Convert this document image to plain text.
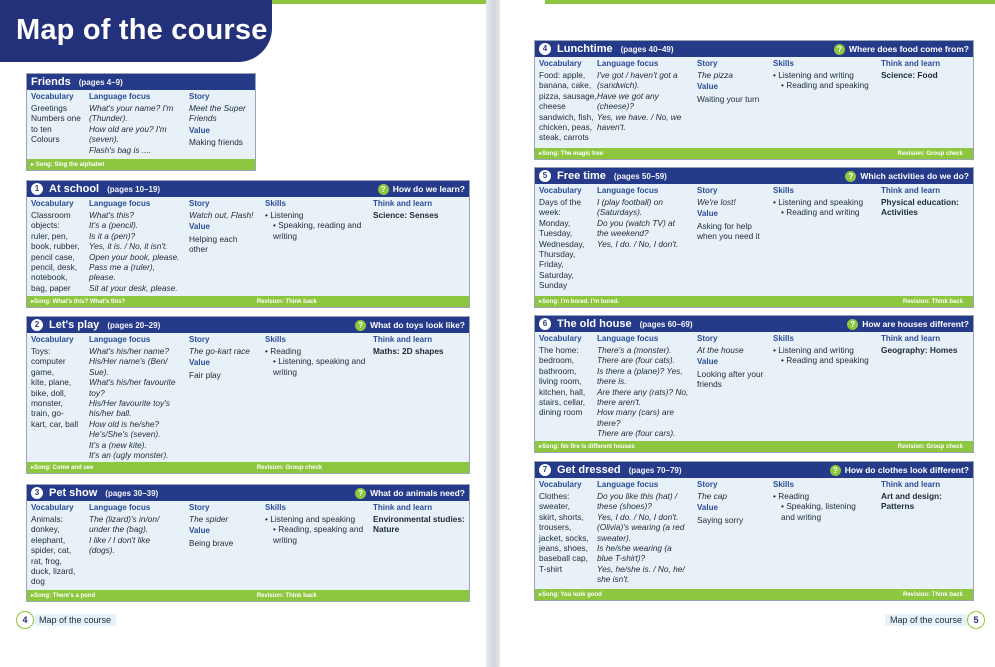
Map of the course
Friends (pages 4–9)
Vocabulary
Greetings
Numbers one
to ten
Colours
Language focus
What's your name? I'm
(Thunder).
How old are you? I'm
(seven).
Flash's bag is ....
Story
Meet the Super
Friends
Value
Making friends
▸ Song: Sing the alphabet
1 At school (pages 10–19)	? How do we learn?
Vocabulary
Classroom
objects:
ruler, pen,
book, rubber,
pencil case,
pencil, desk,
notebook,
bag, paper
Language focus
What's this?
It's a (pencil).
Is it a (pen)?
Yes, it is. / No, it isn't.
Open your book, please.
Pass me a (ruler),
please.
Sit at your desk, please.
Story
Watch out, Flash!
Value
Helping each
other
Skills
• Listening
• Speaking, reading and
writing
Think and learn
Science: Senses
▸ Song: What's this? What's this?	Revision: Think back
2 Let's play (pages 20–29)	? What do toys look like?
Vocabulary
Toys:
computer
game,
kite, plane,
bike, doll,
monster,
train, go-
kart, car, ball
Language focus
What's his/her name?
His/Her name's (Ben/
Sue).
What's his/her favourite
toy?
His/Her favourite toy's
his/her ball.
How old is he/she?
He's/She's (seven).
It's a (new kite).
It's an (ugly monster).
Story
The go-kart race
Value
Fair play
Skills
• Reading
• Listening, speaking and
writing
Think and learn
Maths: 2D shapes
▸ Song: Come and see	Revision: Group check
3 Pet show (pages 30–39)	? What do animals need?
Vocabulary
Animals:
donkey,
elephant,
spider, cat,
rat, frog,
duck, lizard,
dog
Language focus
The (lizard)'s in/on/
under the (bag).
I like / I don't like
(dogs).
Story
The spider
Value
Being brave
Skills
• Listening and speaking
• Reading, speaking and
writing
Think and learn
Environmental studies:
Nature
▸ Song: There's a pond	Revision: Think back
4	Map of the course
4 Lunchtime (pages 40–49)	? Where does food come from?
Vocabulary
Food: apple,
banana, cake,
pizza, sausage,
cheese
sandwich, fish,
chicken, peas,
steak, carrots
Language focus
I've got / haven't got a
(sandwich).
Have we got any
(cheese)?
Yes, we have. / No, we
haven't.
Story
The pizza
Value
Waiting your turn
Skills
• Listening and writing
• Reading and speaking
Think and learn
Science: Food
▸ Song: The magic tree	Revision: Group check
5 Free time (pages 50–59)	? Which activities do we do?
Vocabulary
Days of the
week:
Monday,
Tuesday,
Wednesday,
Thursday,
Friday,
Saturday,
Sunday
Language focus
I (play football) on
(Saturdays).
Do you (watch TV) at
the weekend?
Yes, I do. / No, I don't.
Story
We're lost!
Value
Asking for help
when you need it
Skills
• Listening and speaking
• Reading and writing
Think and learn
Physical education:
Activities
▸ Song: I'm bored. I'm bored.	Revision: Think back
6 The old house (pages 60–69)	? How are houses different?
Vocabulary
The home:
bedroom,
bathroom,
living room,
kitchen, hall,
stairs, cellar,
dining room
Language focus
There's a (monster).
There are (four cats).
Is there a (plane)? Yes,
there is.
Are there any (rats)? No,
there aren't.
How many (cars) are
there?
There are (four cars).
Story
At the house
Value
Looking after your
friends
Skills
• Listening and writing
• Reading and speaking
Think and learn
Geography: Homes
▸ Song: No fire is different houses	Revision: Group check
7 Get dressed (pages 70–79)	? How do clothes look different?
Vocabulary
Clothes:
sweater,
skirt, shorts,
trousers,
jacket, socks,
jeans, shoes,
baseball cap,
T-shirt
Language focus
Do you like this (hat) /
these (shoes)?
Yes, I do. / No, I don't.
(Olivia)'s wearing (a red
sweater).
Is he/she wearing (a
blue T-shirt)?
Yes, he/she is. / No, he/
she isn't.
Story
The cap
Value
Saying sorry
Skills
• Reading
• Speaking, listening
and writing
Think and learn
Art and design:
Patterns
▸ Song: You look good	Revision: Think back
Map of the course	5
